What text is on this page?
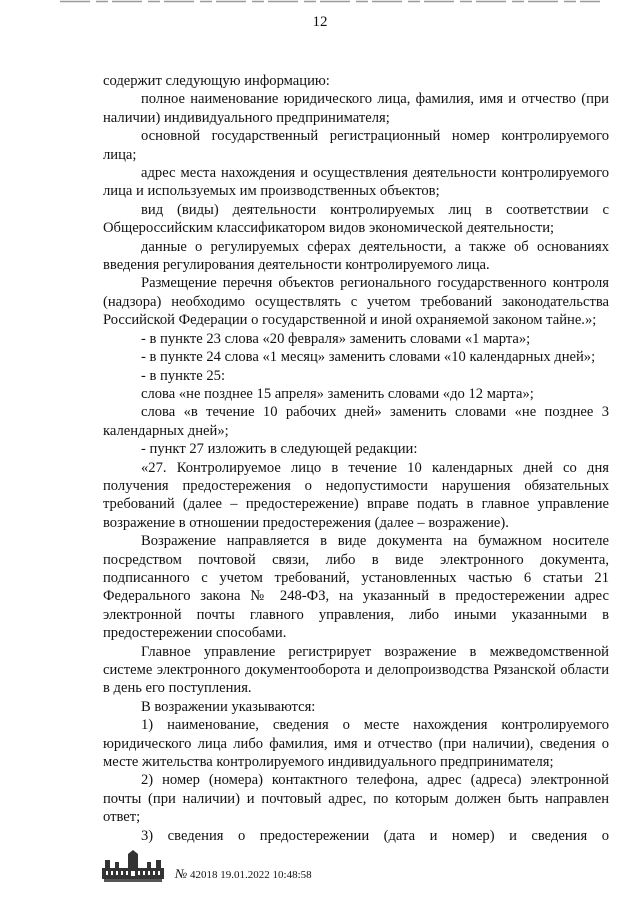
12

содержит следующую информацию:

полное наименование юридического лица, фамилия, имя и отчество (при наличии) индивидуального предпринимателя;

основной государственный регистрационный номер контролируемого лица;

адрес места нахождения и осуществления деятельности контролируемого лица и используемых им производственных объектов;

вид (виды) деятельности контролируемых лиц в соответствии с Общероссийским классификатором видов экономической деятельности;

данные о регулируемых сферах деятельности, а также об основаниях введения регулирования деятельности контролируемого лица.

Размещение перечня объектов регионального государственного контроля (надзора) необходимо осуществлять с учетом требований законодательства Российской Федерации о государственной и иной охраняемой законом тайне.»;

- в пункте 23 слова «20 февраля» заменить словами «1 марта»;

- в пункте 24 слова «1 месяц» заменить словами «10 календарных дней»;

- в пункте 25:

слова «не позднее 15 апреля» заменить словами «до 12 марта»;

слова «в течение 10 рабочих дней» заменить словами «не позднее 3 календарных дней»;

- пункт 27 изложить в следующей редакции:

«27. Контролируемое лицо в течение 10 календарных дней со дня получения предостережения о недопустимости нарушения обязательных требований (далее – предостережение) вправе подать в главное управление возражение в отношении предостережения (далее – возражение).

Возражение направляется в виде документа на бумажном носителе посредством почтовой связи, либо в виде электронного документа, подписанного с учетом требований, установленных частью 6 статьи 21 Федерального закона № 248-ФЗ, на указанный в предостережении адрес электронной почты главного управления, либо иными указанными в предостережении способами.

Главное управление регистрирует возражение в межведомственной системе электронного документооборота и делопроизводства Рязанской области в день его поступления.

В возражении указываются:

1) наименование, сведения о месте нахождения контролируемого юридического лица либо фамилия, имя и отчество (при наличии), сведения о месте жительства контролируемого индивидуального предпринимателя;

2) номер (номера) контактного телефона, адрес (адреса) электронной почты (при наличии) и почтовый адрес, по которым должен быть направлен ответ;

3) сведения о предостережении (дата и номер) и сведения о

№ 42018 19.01.2022 10:48:58
